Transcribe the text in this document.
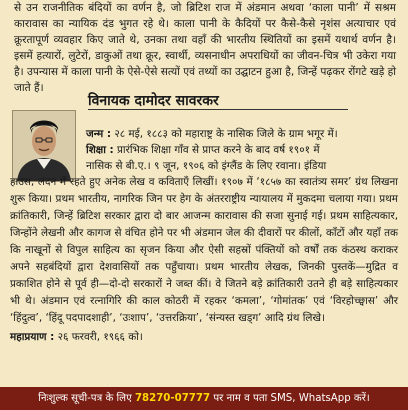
से उन राजनीतिक बंदियों का वर्णन है, जो ब्रिटिश राज में अंडमान अथवा ‘काला पानी’ में सश्रम कारावास का न्यायिक दंड भुगत रहे थे। काला पानी के कैदियों पर कैसे-कैसे नृशंस अत्याचार एवं क्रूरतापूर्ण व्यवहार किए जाते थे, उनका तथा वहाँ की भारतीय स्थितियों का इसमें यथार्थ वर्णन है। इसमें हत्यारों, लुटेरों, डाकुओं तथा क्रूर, स्वार्थी, व्यसनाधीन अपराधियों का जीवन-चित्र भी उकेरा गया है। उपन्यास में काला पानी के ऐसे-ऐसे सत्यों एवं तथ्यों का उद्घाटन हुआ है, जिन्हें पढ़कर रोंगटे खड़े हो जाते हैं।

विनायक दामोदर सावरकर
जन्म : २८ मई, १८८३ को महाराष्ट्र के नासिक जिले के ग्राम भगूर में।
शिक्षा : प्रारंभिक शिक्षा गाँव से प्राप्त करने के बाद वर्ष १९०१ में
नासिक से बी.ए.। ९ जून, १९०६ को इंग्लैंड के लिए रवाना। इंडिया

हाउस, लंदन में रहते हुए अनेक लेख व कविताएँ लिखीं। १९०७ में ‘१८५७ का स्वातंत्र्य समर’ ग्रंथ लिखना शुरू किया। प्रथम भारतीय, नागरिक जिन पर हेग के अंतरराष्ट्रीय न्यायालय में मुकदमा चलाया गया। प्रथम क्रांतिकारी, जिन्हें ब्रिटिश सरकार द्वारा दो बार आजन्म कारावास की सजा सुनाई गई। प्रथम साहित्यकार, जिन्होंने लेखनी और कागज से वंचित होने पर भी अंडमान जेल की दीवारों पर कीलों, काँटों और यहाँ तक कि नाखूनों से विपुल साहित्य का सृजन किया और ऐसी सहस्रों पंक्तियों को वर्षों तक कंठस्थ कराकर अपने सहबंदियों द्वारा देशवासियों तक पहुँचाया। प्रथम भारतीय लेखक, जिनकी पुस्तकें—मुद्रित व प्रकाशित होने से पूर्व ही—दो-दो सरकारों ने जब्त कीं। वे जितने बड़े क्रांतिकारी उतने ही बड़े साहित्यकार भी थे। अंडमान एवं रत्नागिरि की काल कोठरी में रहकर ‘कमला’, ‘गोमांतक’ एवं ‘विरहोच्छ्वास’ और ‘हिंदुत्व’, ‘हिंदू पदपादशाही’, ‘उःशाप’, ‘उत्तरक्रिया’, ‘संन्यस्त खड्ग’ आदि ग्रंथ लिखे।

महाप्रयाण : २६ फरवरी, १९६६ को।

निःशुल्क सूची-पत्र के लिए 78270-07777 पर नाम व पता SMS, WhatsApp करें।
